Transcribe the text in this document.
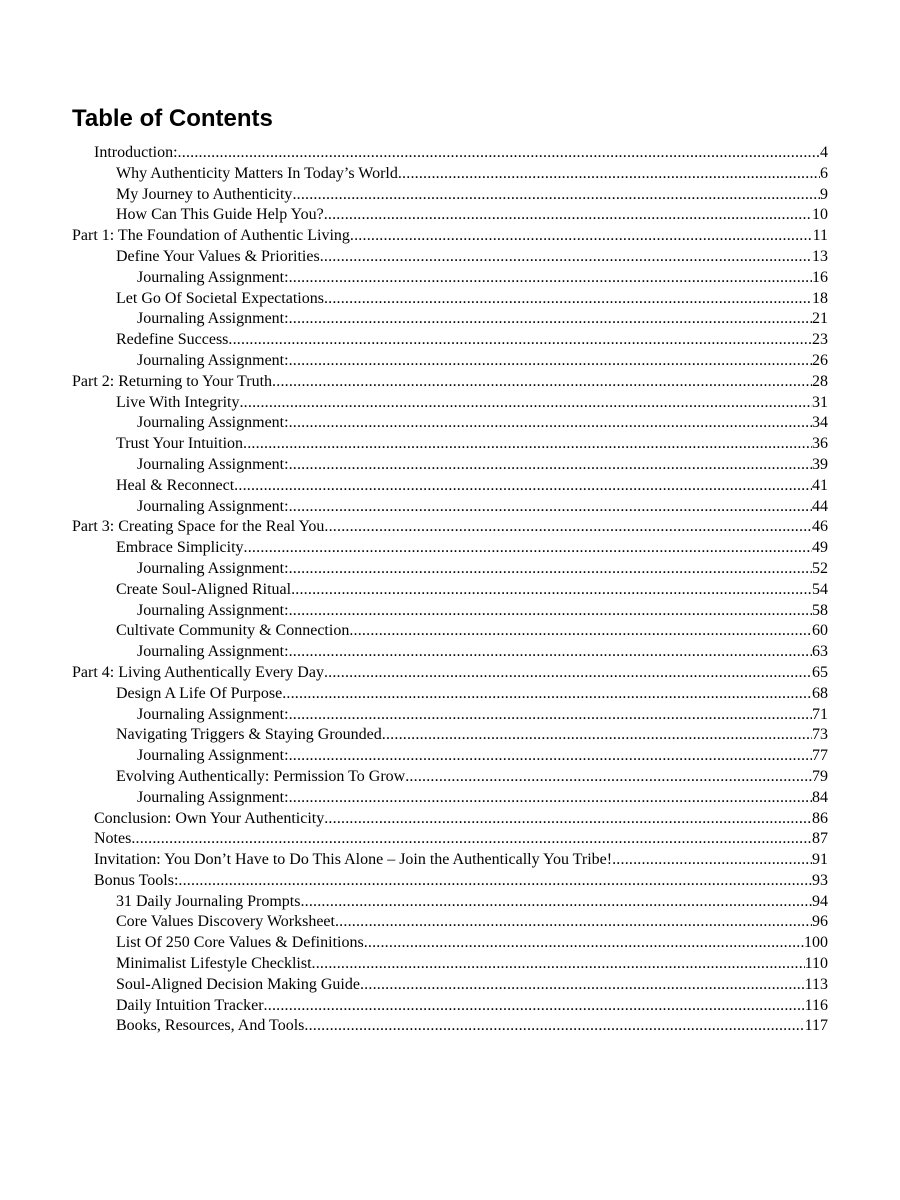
Table of Contents
Introduction: .....	4
Why Authenticity Matters In Today’s World .....	6
My Journey to Authenticity .....	9
How Can This Guide Help You? .....	10
Part 1: The Foundation of Authentic Living .....	11
Define Your Values & Priorities .....	13
Journaling Assignment: .....	16
Let Go Of Societal Expectations .....	18
Journaling Assignment: .....	21
Redefine Success .....	23
Journaling Assignment: .....	26
Part 2: Returning to Your Truth .....	28
Live With Integrity .....	31
Journaling Assignment: .....	34
Trust Your Intuition .....	36
Journaling Assignment: .....	39
Heal & Reconnect .....	41
Journaling Assignment: .....	44
Part 3: Creating Space for the Real You .....	46
Embrace Simplicity .....	49
Journaling Assignment: .....	52
Create Soul-Aligned Ritual .....	54
Journaling Assignment: .....	58
Cultivate Community & Connection .....	60
Journaling Assignment: .....	63
Part 4: Living Authentically Every Day .....	65
Design A Life Of Purpose .....	68
Journaling Assignment: .....	71
Navigating Triggers & Staying Grounded .....	73
Journaling Assignment: .....	77
Evolving Authentically: Permission To Grow .....	79
Journaling Assignment: .....	84
Conclusion: Own Your Authenticity .....	86
Notes .....	87
Invitation: You Don’t Have to Do This Alone – Join the Authentically You Tribe! .....	91
Bonus Tools: .....	93
31 Daily Journaling Prompts .....	94
Core Values Discovery Worksheet .....	96
List Of 250 Core Values & Definitions .....	100
Minimalist Lifestyle Checklist .....	110
Soul-Aligned Decision Making Guide .....	113
Daily Intuition Tracker .....	116
Books, Resources, And Tools .....	117
